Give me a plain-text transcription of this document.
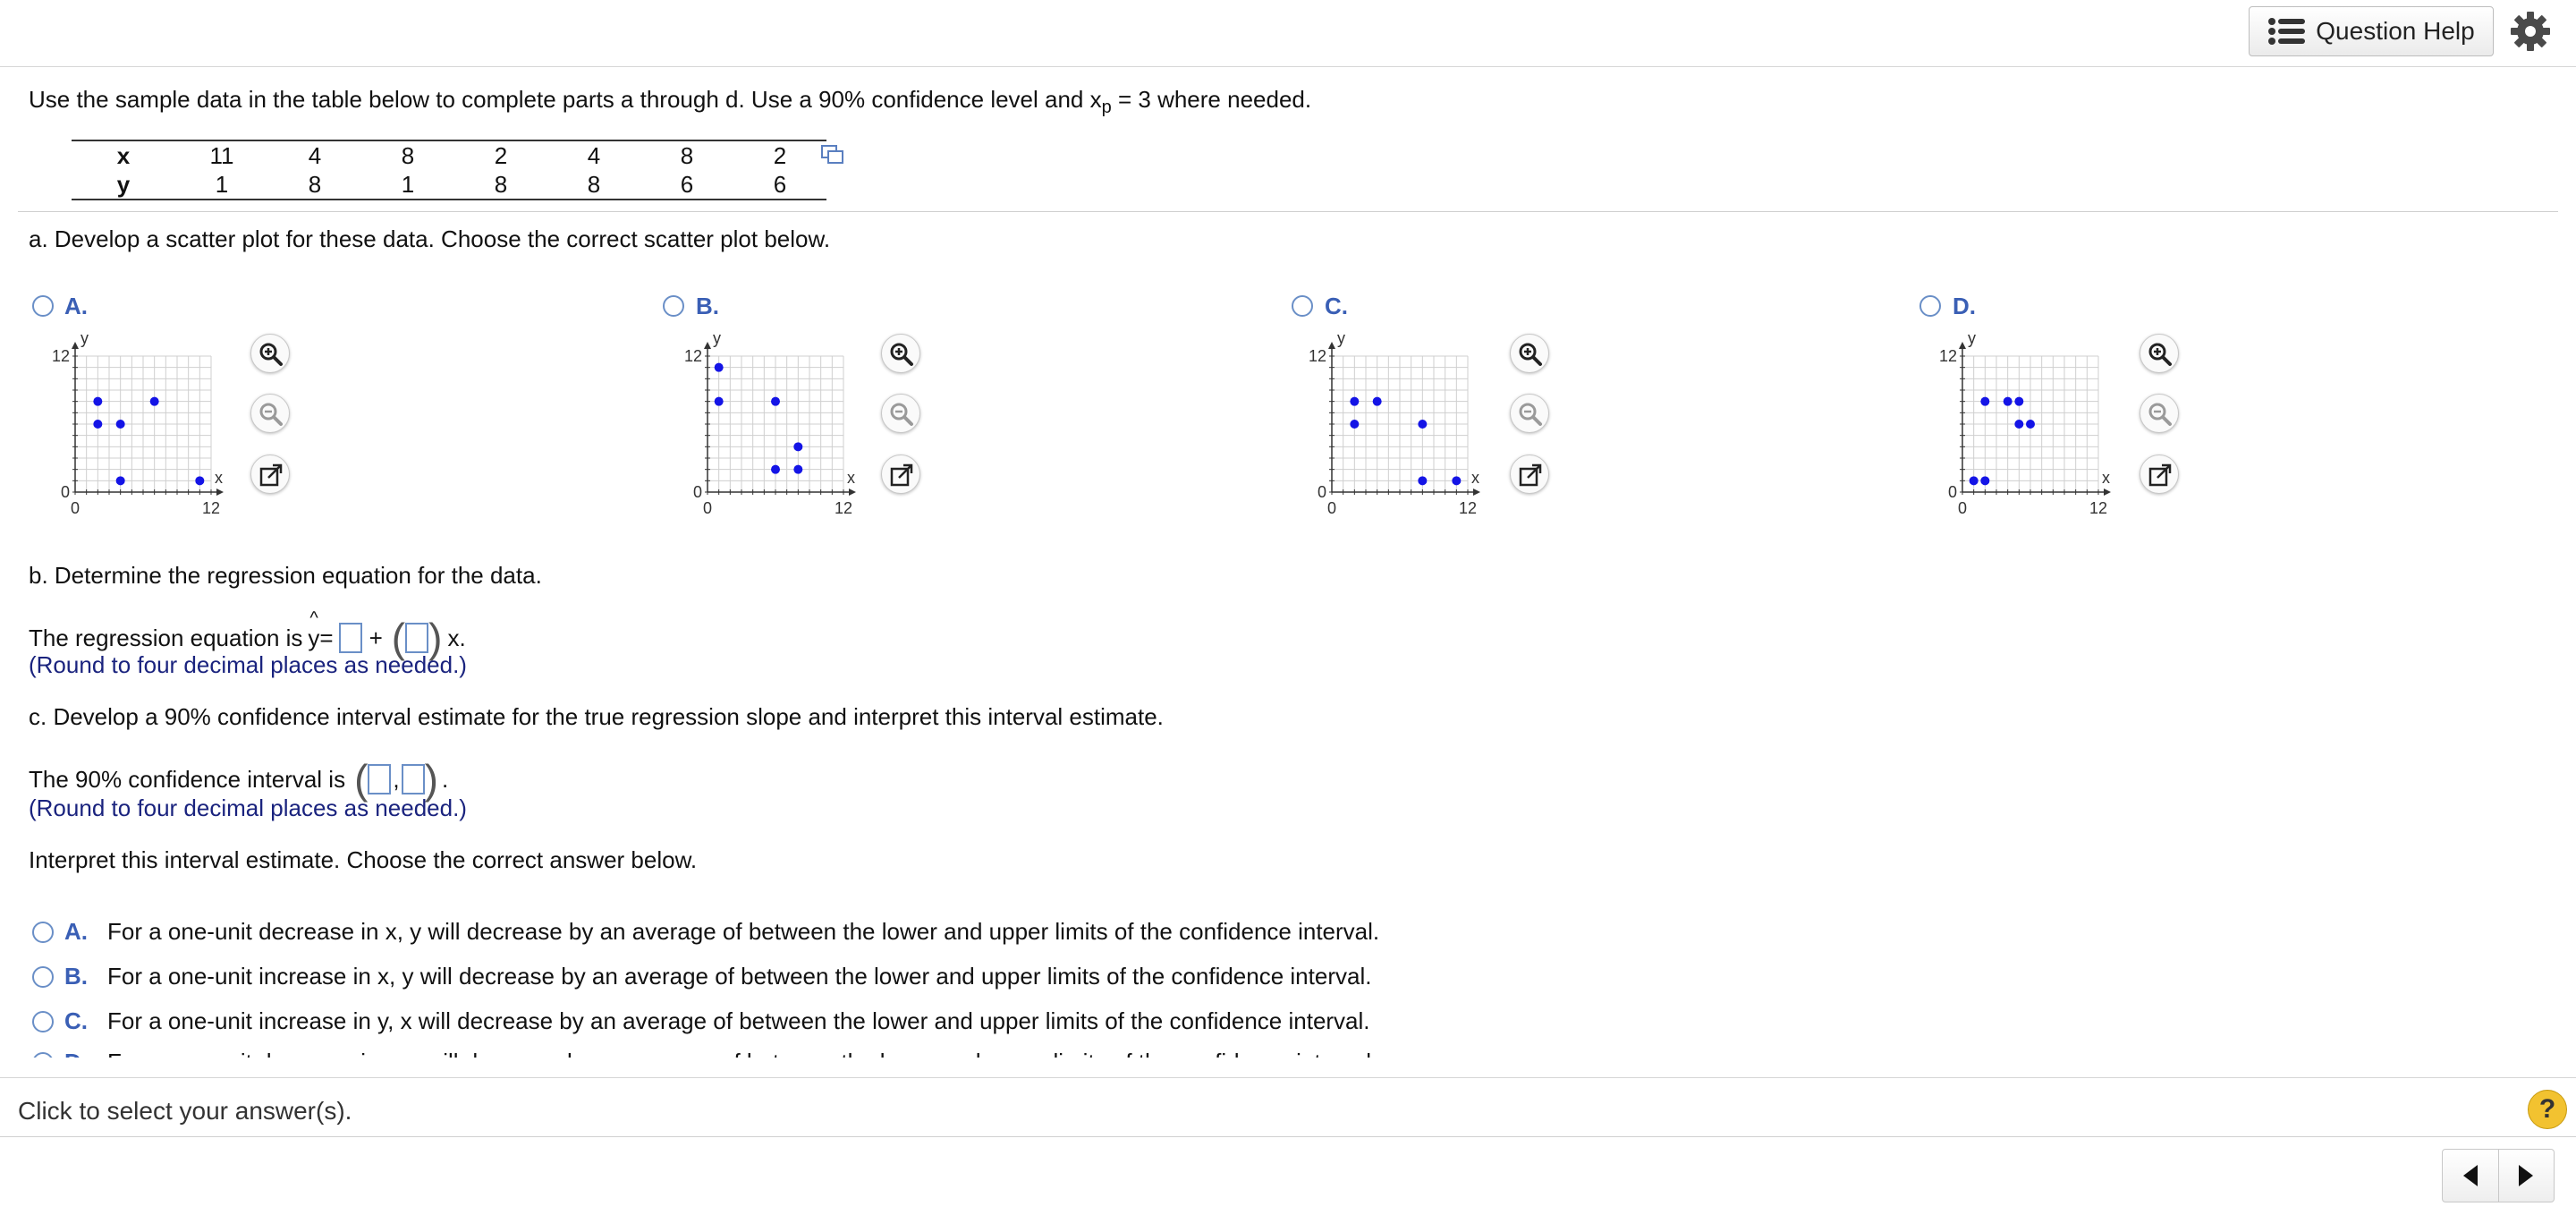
Question Help
Use the sample data in the table below to complete parts a through d. Use a 90% confidence level and $x_p = 3$ where needed.
x	11	4	8	2	4	8	2
y	1	8	1	8	8	6	6
a. Develop a scatter plot for these data. Choose the correct scatter plot below.
A.
y
x
12
0
0	12
B.
y
x
12
0
0	12
C.
y
x
12
0
0	12
D.
y
x
12
0
0	12
b. Determine the regression equation for the data.
The regression equation is
^
y = + ( ) x.
(Round to four decimal places as needed.)
c. Develop a 90% confidence interval estimate for the true regression slope and interpret this interval estimate.
The 90% confidence interval is ( , ) .
(Round to four decimal places as needed.)
Interpret this interval estimate. Choose the correct answer below.
A. For a one-unit decrease in x, y will decrease by an average of between the lower and upper limits of the confidence interval.
B. For a one-unit increase in x, y will decrease by an average of between the lower and upper limits of the confidence interval.
C. For a one-unit increase in y, x will decrease by an average of between the lower and upper limits of the confidence interval.
Click to select your answer(s).	?
